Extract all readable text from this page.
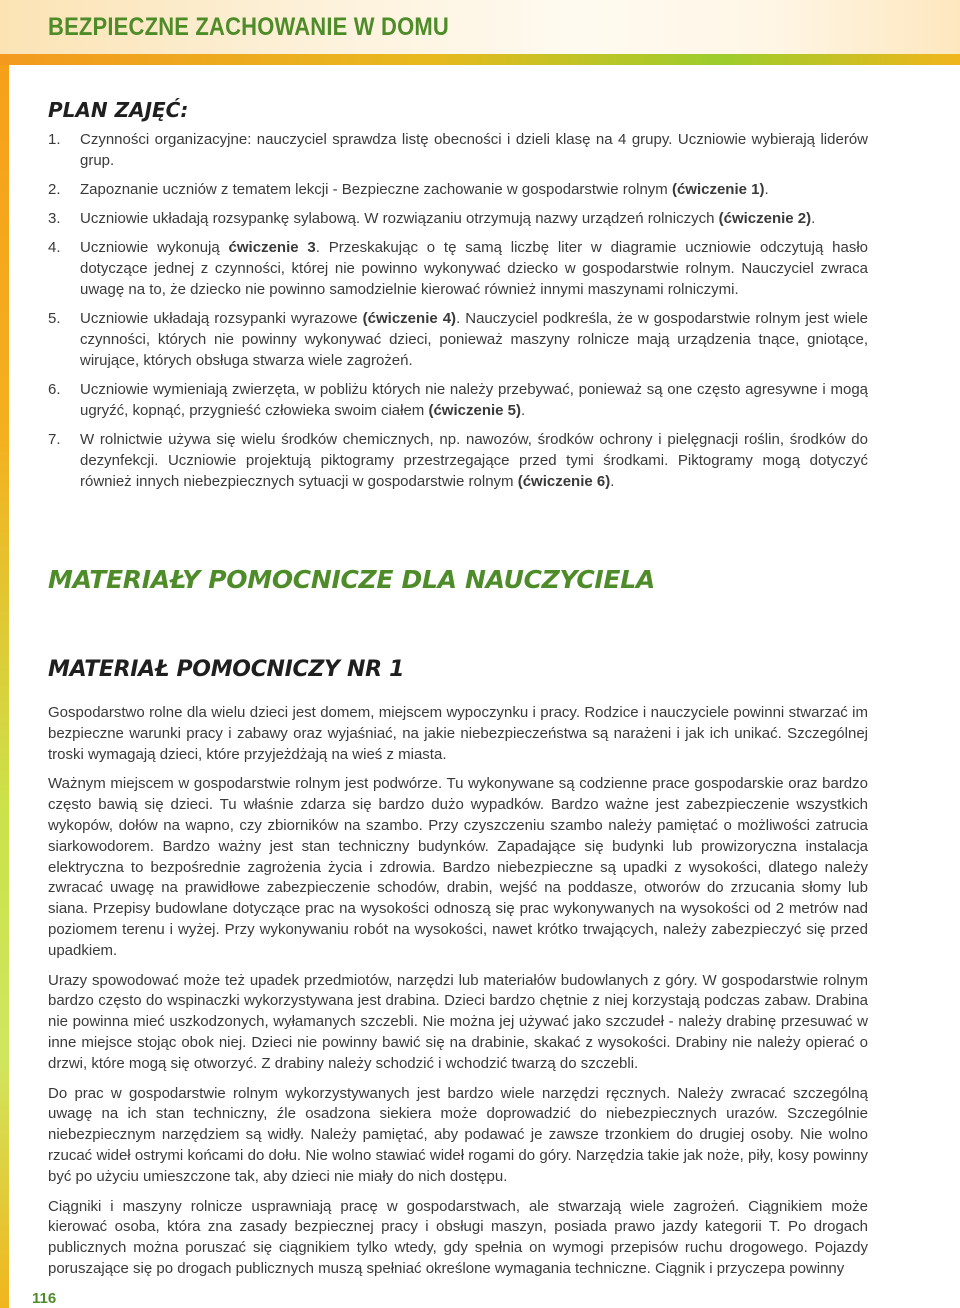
BEZPIECZNE ZACHOWANIE W DOMU
PLAN ZAJĘĆ:
1. Czynności organizacyjne: nauczyciel sprawdza listę obecności i dzieli klasę na 4 grupy. Uczniowie wybierają liderów grup.
2. Zapoznanie uczniów z tematem lekcji - Bezpieczne zachowanie w gospodarstwie rolnym (ćwiczenie 1).
3. Uczniowie układają rozsypankę sylabową. W rozwiązaniu otrzymują nazwy urządzeń rolniczych (ćwiczenie 2).
4. Uczniowie wykonują ćwiczenie 3. Przeskakując o tę samą liczbę liter w diagramie uczniowie odczytują hasło dotyczące jednej z czynności, której nie powinno wykonywać dziecko w gospodarstwie rolnym. Nauczyciel zwraca uwagę na to, że dziecko nie powinno samodzielnie kierować również innymi maszynami rolniczymi.
5. Uczniowie układają rozsypanki wyrazowe (ćwiczenie 4). Nauczyciel podkreśla, że w gospodarstwie rolnym jest wiele czynności, których nie powinny wykonywać dzieci, ponieważ maszyny rolnicze mają urządzenia tnące, gniotące, wirujące, których obsługa stwarza wiele zagrożeń.
6. Uczniowie wymieniają zwierzęta, w pobliżu których nie należy przebywać, ponieważ są one często agresywne i mogą ugryźć, kopnąć, przygnieść człowieka swoim ciałem (ćwiczenie 5).
7. W rolnictwie używa się wielu środków chemicznych, np. nawozów, środków ochrony i pielęgnacji roślin, środków do dezynfekcji. Uczniowie projektują piktogramy przestrzegające przed tymi środkami. Piktogramy mogą dotyczyć również innych niebezpiecznych sytuacji w gospodarstwie rolnym (ćwiczenie 6).
MATERIAŁY POMOCNICZE DLA NAUCZYCIELA
MATERIAŁ POMOCNICZY NR 1

Gospodarstwo rolne dla wielu dzieci jest domem, miejscem wypoczynku i pracy. Rodzice i nauczyciele powinni stwarzać im bezpieczne warunki pracy i zabawy oraz wyjaśniać, na jakie niebezpieczeństwa są narażeni i jak ich unikać. Szczególnej troski wymagają dzieci, które przyjeżdżają na wieś z miasta.

Ważnym miejscem w gospodarstwie rolnym jest podwórze. Tu wykonywane są codzienne prace gospodarskie oraz bardzo często bawią się dzieci. Tu właśnie zdarza się bardzo dużo wypadków. Bardzo ważne jest zabezpieczenie wszystkich wykopów, dołów na wapno, czy zbiorników na szambo. Przy czyszczeniu szambo należy pamiętać o możliwości zatrucia siarkowodorem. Bardzo ważny jest stan techniczny budynków. Zapadające się budynki lub prowizoryczna instalacja elektryczna to bezpośrednie zagrożenia życia i zdrowia. Bardzo niebezpieczne są upadki z wysokości, dlatego należy zwracać uwagę na prawidłowe zabezpieczenie schodów, drabin, wejść na poddasze, otworów do zrzucania słomy lub siana. Przepisy budowlane dotyczące prac na wysokości odnoszą się prac wykonywanych na wysokości od 2 metrów nad poziomem terenu i wyżej. Przy wykonywaniu robót na wysokości, nawet krótko trwających, należy zabezpieczyć się przed upadkiem.

Urazy spowodować może też upadek przedmiotów, narzędzi lub materiałów budowlanych z góry. W gospodarstwie rolnym bardzo często do wspinaczki wykorzystywana jest drabina. Dzieci bardzo chętnie z niej korzystają podczas zabaw. Drabina nie powinna mieć uszkodzonych, wyłamanych szczebli. Nie można jej używać jako szczudeł - należy drabinę przesuwać w inne miejsce stojąc obok niej. Dzieci nie powinny bawić się na drabinie, skakać z wysokości. Drabiny nie należy opierać o drzwi, które mogą się otworzyć. Z drabiny należy schodzić i wchodzić twarzą do szczebli.

Do prac w gospodarstwie rolnym wykorzystywanych jest bardzo wiele narzędzi ręcznych. Należy zwracać szczególną uwagę na ich stan techniczny, źle osadzona siekiera może doprowadzić do niebezpiecznych urazów. Szczególnie niebezpiecznym narzędziem są widły. Należy pamiętać, aby podawać je zawsze trzonkiem do drugiej osoby. Nie wolno rzucać wideł ostrymi końcami do dołu. Nie wolno stawiać wideł rogami do góry. Narzędzia takie jak noże, piły, kosy powinny być po użyciu umieszczone tak, aby dzieci nie miały do nich dostępu.

Ciągniki i maszyny rolnicze usprawniają pracę w gospodarstwach, ale stwarzają wiele zagrożeń. Ciągnikiem może kierować osoba, która zna zasady bezpiecznej pracy i obsługi maszyn, posiada prawo jazdy kategorii T. Po drogach publicznych można poruszać się ciągnikiem tylko wtedy, gdy spełnia on wymogi przepisów ruchu drogowego. Pojazdy poruszające się po drogach publicznych muszą spełniać określone wymagania techniczne. Ciągnik i przyczepa powinny

116
